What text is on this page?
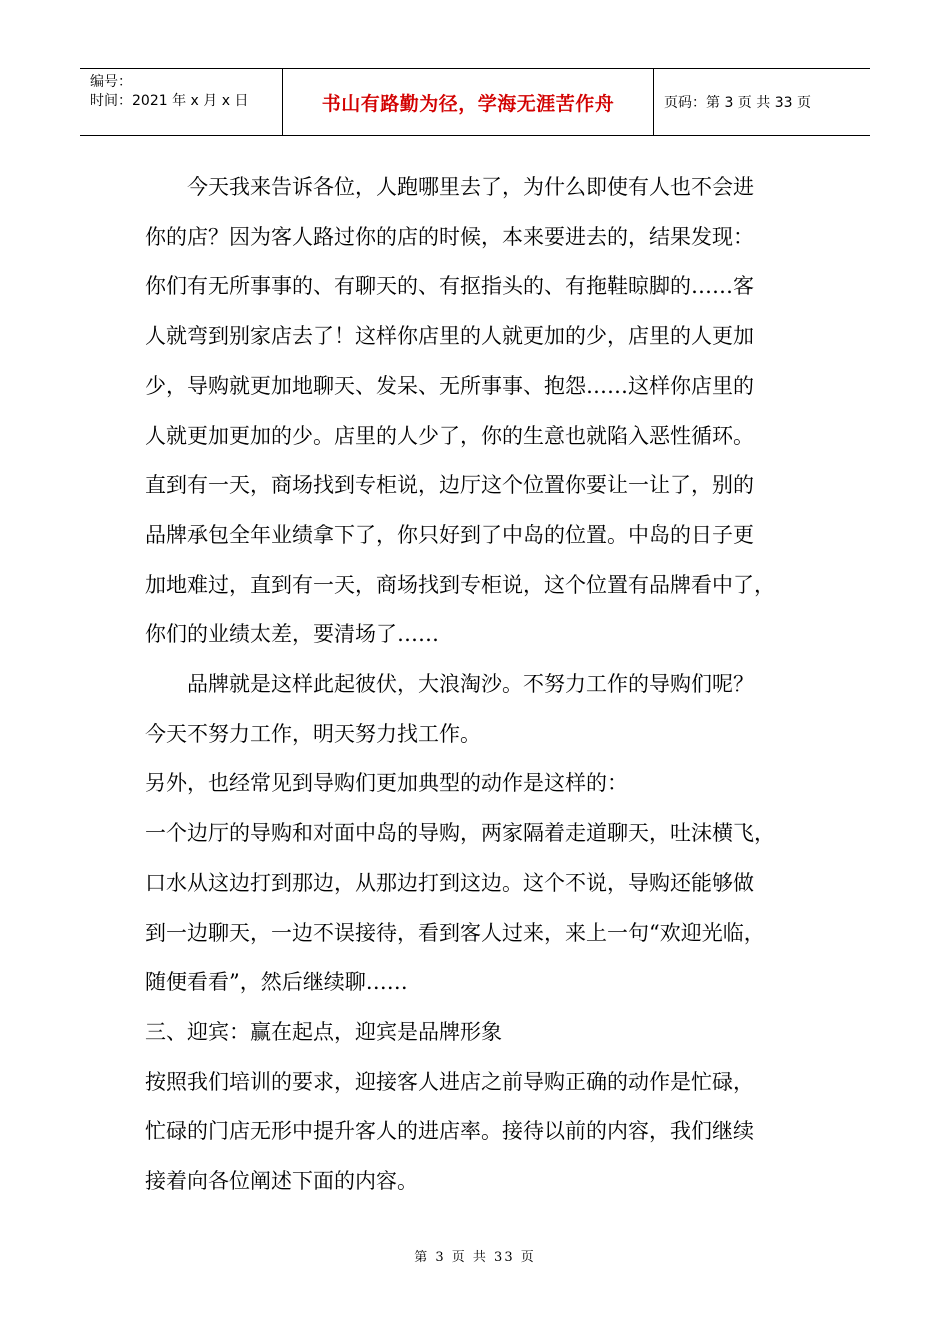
编号：
时间：2021 年 x 月 x 日	书山有路勤为径，学海无涯苦作舟	页码：第 3 页 共 33 页

　　今天我来告诉各位，人跑哪里去了，为什么即使有人也不会进

你的店？因为客人路过你的店的时候，本来要进去的，结果发现：

你们有无所事事的、有聊天的、有抠指头的、有拖鞋晾脚的……客

人就弯到别家店去了！这样你店里的人就更加的少，店里的人更加

少，导购就更加地聊天、发呆、无所事事、抱怨……这样你店里的

人就更加更加的少。店里的人少了，你的生意也就陷入恶性循环。

直到有一天，商场找到专柜说，边厅这个位置你要让一让了，别的

品牌承包全年业绩拿下了，你只好到了中岛的位置。中岛的日子更

加地难过，直到有一天，商场找到专柜说，这个位置有品牌看中了，

你们的业绩太差，要清场了……

　　品牌就是这样此起彼伏，大浪淘沙。不努力工作的导购们呢？

今天不努力工作，明天努力找工作。

另外，也经常见到导购们更加典型的动作是这样的：

一个边厅的导购和对面中岛的导购，两家隔着走道聊天，吐沫横飞，

口水从这边打到那边，从那边打到这边。这个不说，导购还能够做

到一边聊天，一边不误接待，看到客人过来，来上一句“欢迎光临，

随便看看”，然后继续聊……

三、迎宾：赢在起点，迎宾是品牌形象

按照我们培训的要求，迎接客人进店之前导购正确的动作是忙碌，

忙碌的门店无形中提升客人的进店率。接待以前的内容，我们继续

接着向各位阐述下面的内容。

第 3 页 共 33 页
